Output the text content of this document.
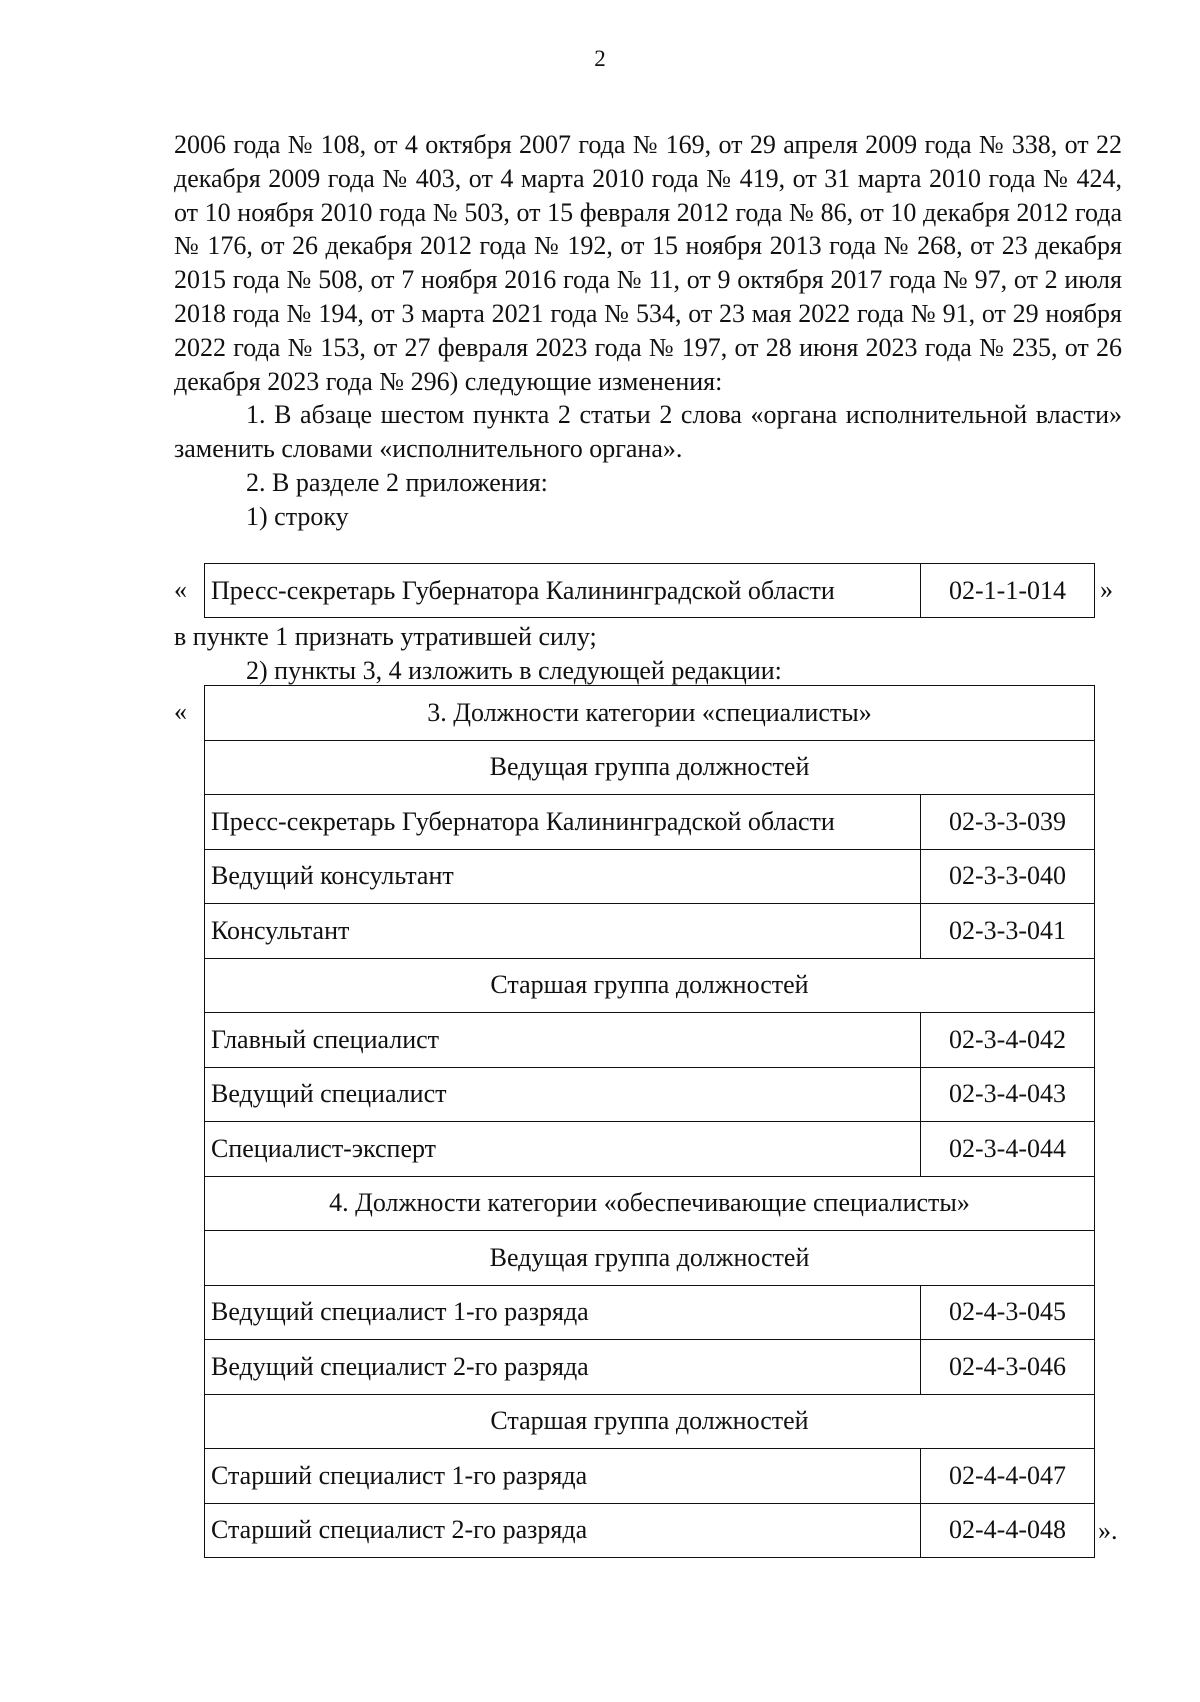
2

2006 года № 108, от 4 октября 2007 года № 169, от 29 апреля 2009 года № 338, от 22 декабря 2009 года № 403, от 4 марта 2010 года № 419, от 31 марта 2010 года № 424, от 10 ноября 2010 года № 503, от 15 февраля 2012 года № 86, от 10 декабря 2012 года № 176, от 26 декабря 2012 года № 192, от 15 ноября 2013 года № 268, от 23 декабря 2015 года № 508, от 7 ноября 2016 года № 11, от 9 октября 2017 года № 97, от 2 июля 2018 года № 194, от 3 марта 2021 года № 534, от 23 мая 2022 года № 91, от 29 ноября 2022 года № 153, от 27 февраля 2023 года № 197, от 28 июня 2023 года № 235, от 26 декабря 2023 года № 296) следующие изменения:

1. В абзаце шестом пункта 2 статьи 2 слова «органа исполнительной власти» заменить словами «исполнительного органа».

2. В разделе 2 приложения:

1) строку

« Пресс-секретарь Губернатора Калининградской области	02-1-1-014 »
в пункте 1 признать утратившей силу;
2) пункты 3, 4 изложить в следующей редакции:
«	3. Должности категории «специалисты»	
Ведущая группа должностей	
Пресс-секретарь Губернатора Калининградской области	02-3-3-039
Ведущий консультант	02-3-3-040
Консультант	02-3-3-041
Старшая группа должностей	
Главный специалист	02-3-4-042
Ведущий специалист	02-3-4-043
Специалист-эксперт	02-3-4-044
4. Должности категории «обеспечивающие специалисты»	
Ведущая группа должностей	
Ведущий специалист 1-го разряда	02-4-3-045
Ведущий специалист 2-го разряда	02-4-3-046
Старшая группа должностей	
Старший специалист 1-го разряда	02-4-4-047
Старший специалист 2-го разряда	02-4-4-048 ».
